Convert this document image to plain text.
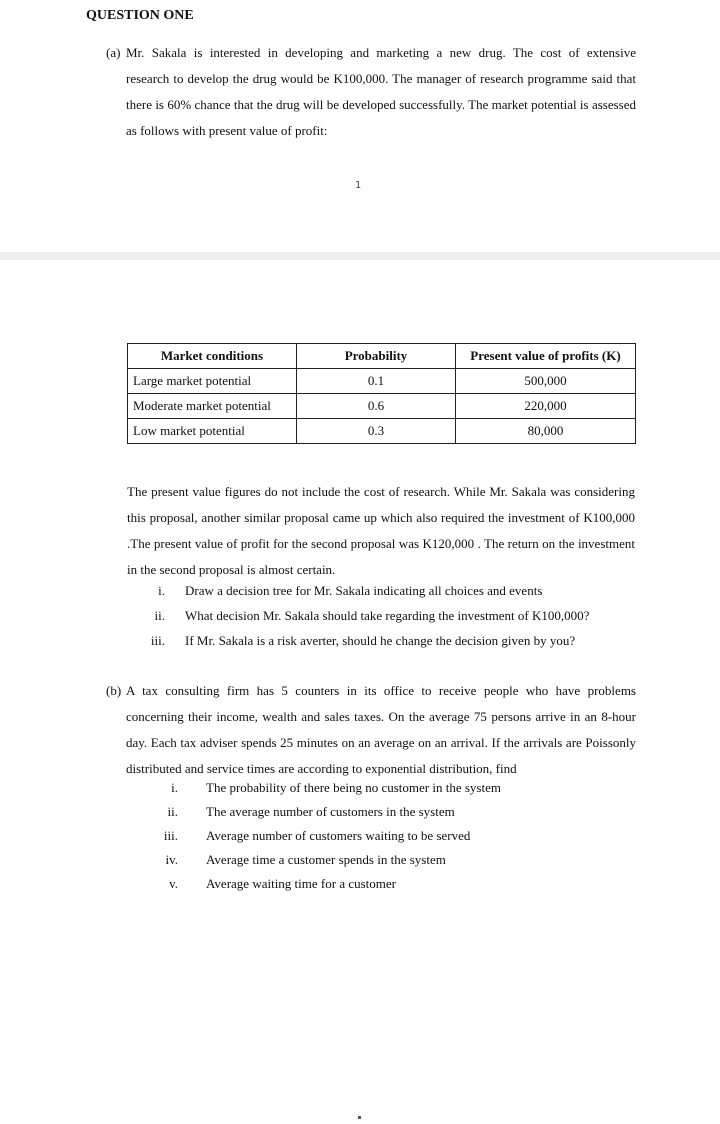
QUESTION ONE
(a) Mr. Sakala is interested in developing and marketing a new drug. The cost of extensive
research to develop the drug would be K100,000. The manager of research programme said that there is 60% chance that the drug will be developed successfully. The market potential is assessed as follows with present value of profit:
1
Market conditions	Probability	Present value of profits (K)
Large market potential	0.1	500,000
Moderate market potential	0.6	220,000
Low market potential	0.3	80,000
The present value figures do not include the cost of research. While Mr. Sakala was considering this proposal, another similar proposal came up which also required the investment of K100,000 .The present value of profit for the second proposal was K120,000 . The return on the investment in the second proposal is almost certain.
i. Draw a decision tree for Mr. Sakala indicating all choices and events
ii. What decision Mr. Sakala should take regarding the investment of K100,000?
iii. If Mr. Sakala is a risk averter, should he change the decision given by you?
(b) A tax consulting firm has 5 counters in its office to receive people who have problems
concerning their income, wealth and sales taxes. On the average 75 persons arrive in an 8-hour day. Each tax adviser spends 25 minutes on an average on an arrival. If the arrivals are Poissonly distributed and service times are according to exponential distribution, find
i. The probability of there being no customer in the system
ii. The average number of customers in the system
iii. Average number of customers waiting to be served
iv. Average time a customer spends in the system
v. Average waiting time for a customer
